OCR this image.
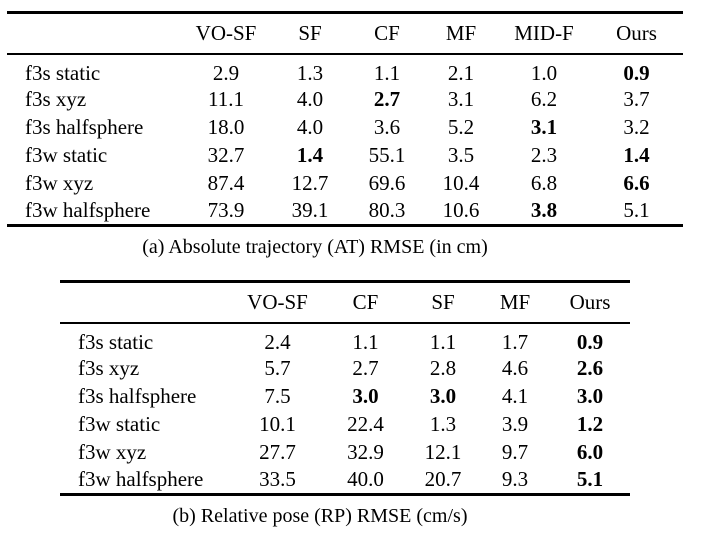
	VO-SF	SF	CF	MF	MID-F	Ours
f3s static	2.9	1.3	1.1	2.1	1.0	0.9
f3s xyz	11.1	4.0	2.7	3.1	6.2	3.7
f3s halfsphere	18.0	4.0	3.6	5.2	3.1	3.2
f3w static	32.7	1.4	55.1	3.5	2.3	1.4
f3w xyz	87.4	12.7	69.6	10.4	6.8	6.6
f3w halfsphere	73.9	39.1	80.3	10.6	3.8	5.1
(a) Absolute trajectory (AT) RMSE (in cm)
	VO-SF	CF	SF	MF	Ours
f3s static	2.4	1.1	1.1	1.7	0.9
f3s xyz	5.7	2.7	2.8	4.6	2.6
f3s halfsphere	7.5	3.0	3.0	4.1	3.0
f3w static	10.1	22.4	1.3	3.9	1.2
f3w xyz	27.7	32.9	12.1	9.7	6.0
f3w halfsphere	33.5	40.0	20.7	9.3	5.1
(b) Relative pose (RP) RMSE (cm/s)
